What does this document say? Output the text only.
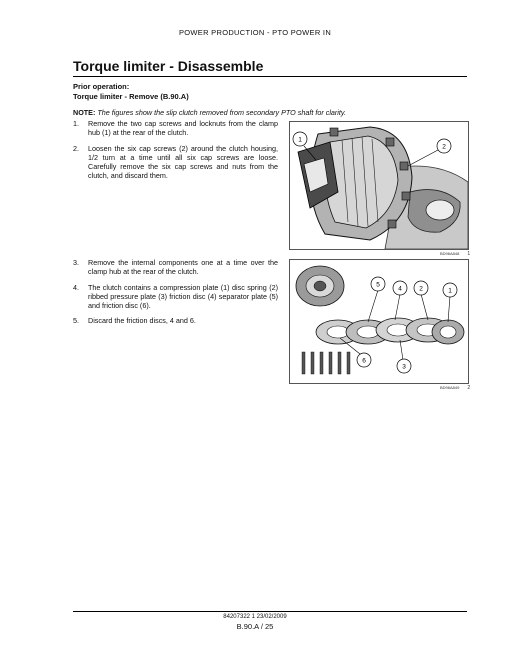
POWER PRODUCTION - PTO POWER IN
Torque limiter - Disassemble
Prior operation:
Torque limiter - Remove (B.90.A)
NOTE: The figures show the slip clutch removed from secondary PTO shaft for clarity.
1.	Remove the two cap screws and locknuts from the clamp hub (1) at the rear of the clutch.
2.	Loosen the six cap screws (2) around the clutch housing, 1/2 turn at a time until all six cap screws are loose. Carefully remove the six cap screws and nuts from the clutch, and discard them.
3.	Remove the internal components one at a time over the clamp hub at the rear of the clutch.
4.	The clutch contains a compression plate (1) disc spring (2) ribbed pressure plate (3) friction disc (4) separator plate (5) and friction disc (6).
5.	Discard the friction discs, 4 and 6.
1
2
BD96A848 1
5
4	2	1
6
3
BD96A849 2
84207322 1 23/02/2009
B.90.A / 25
